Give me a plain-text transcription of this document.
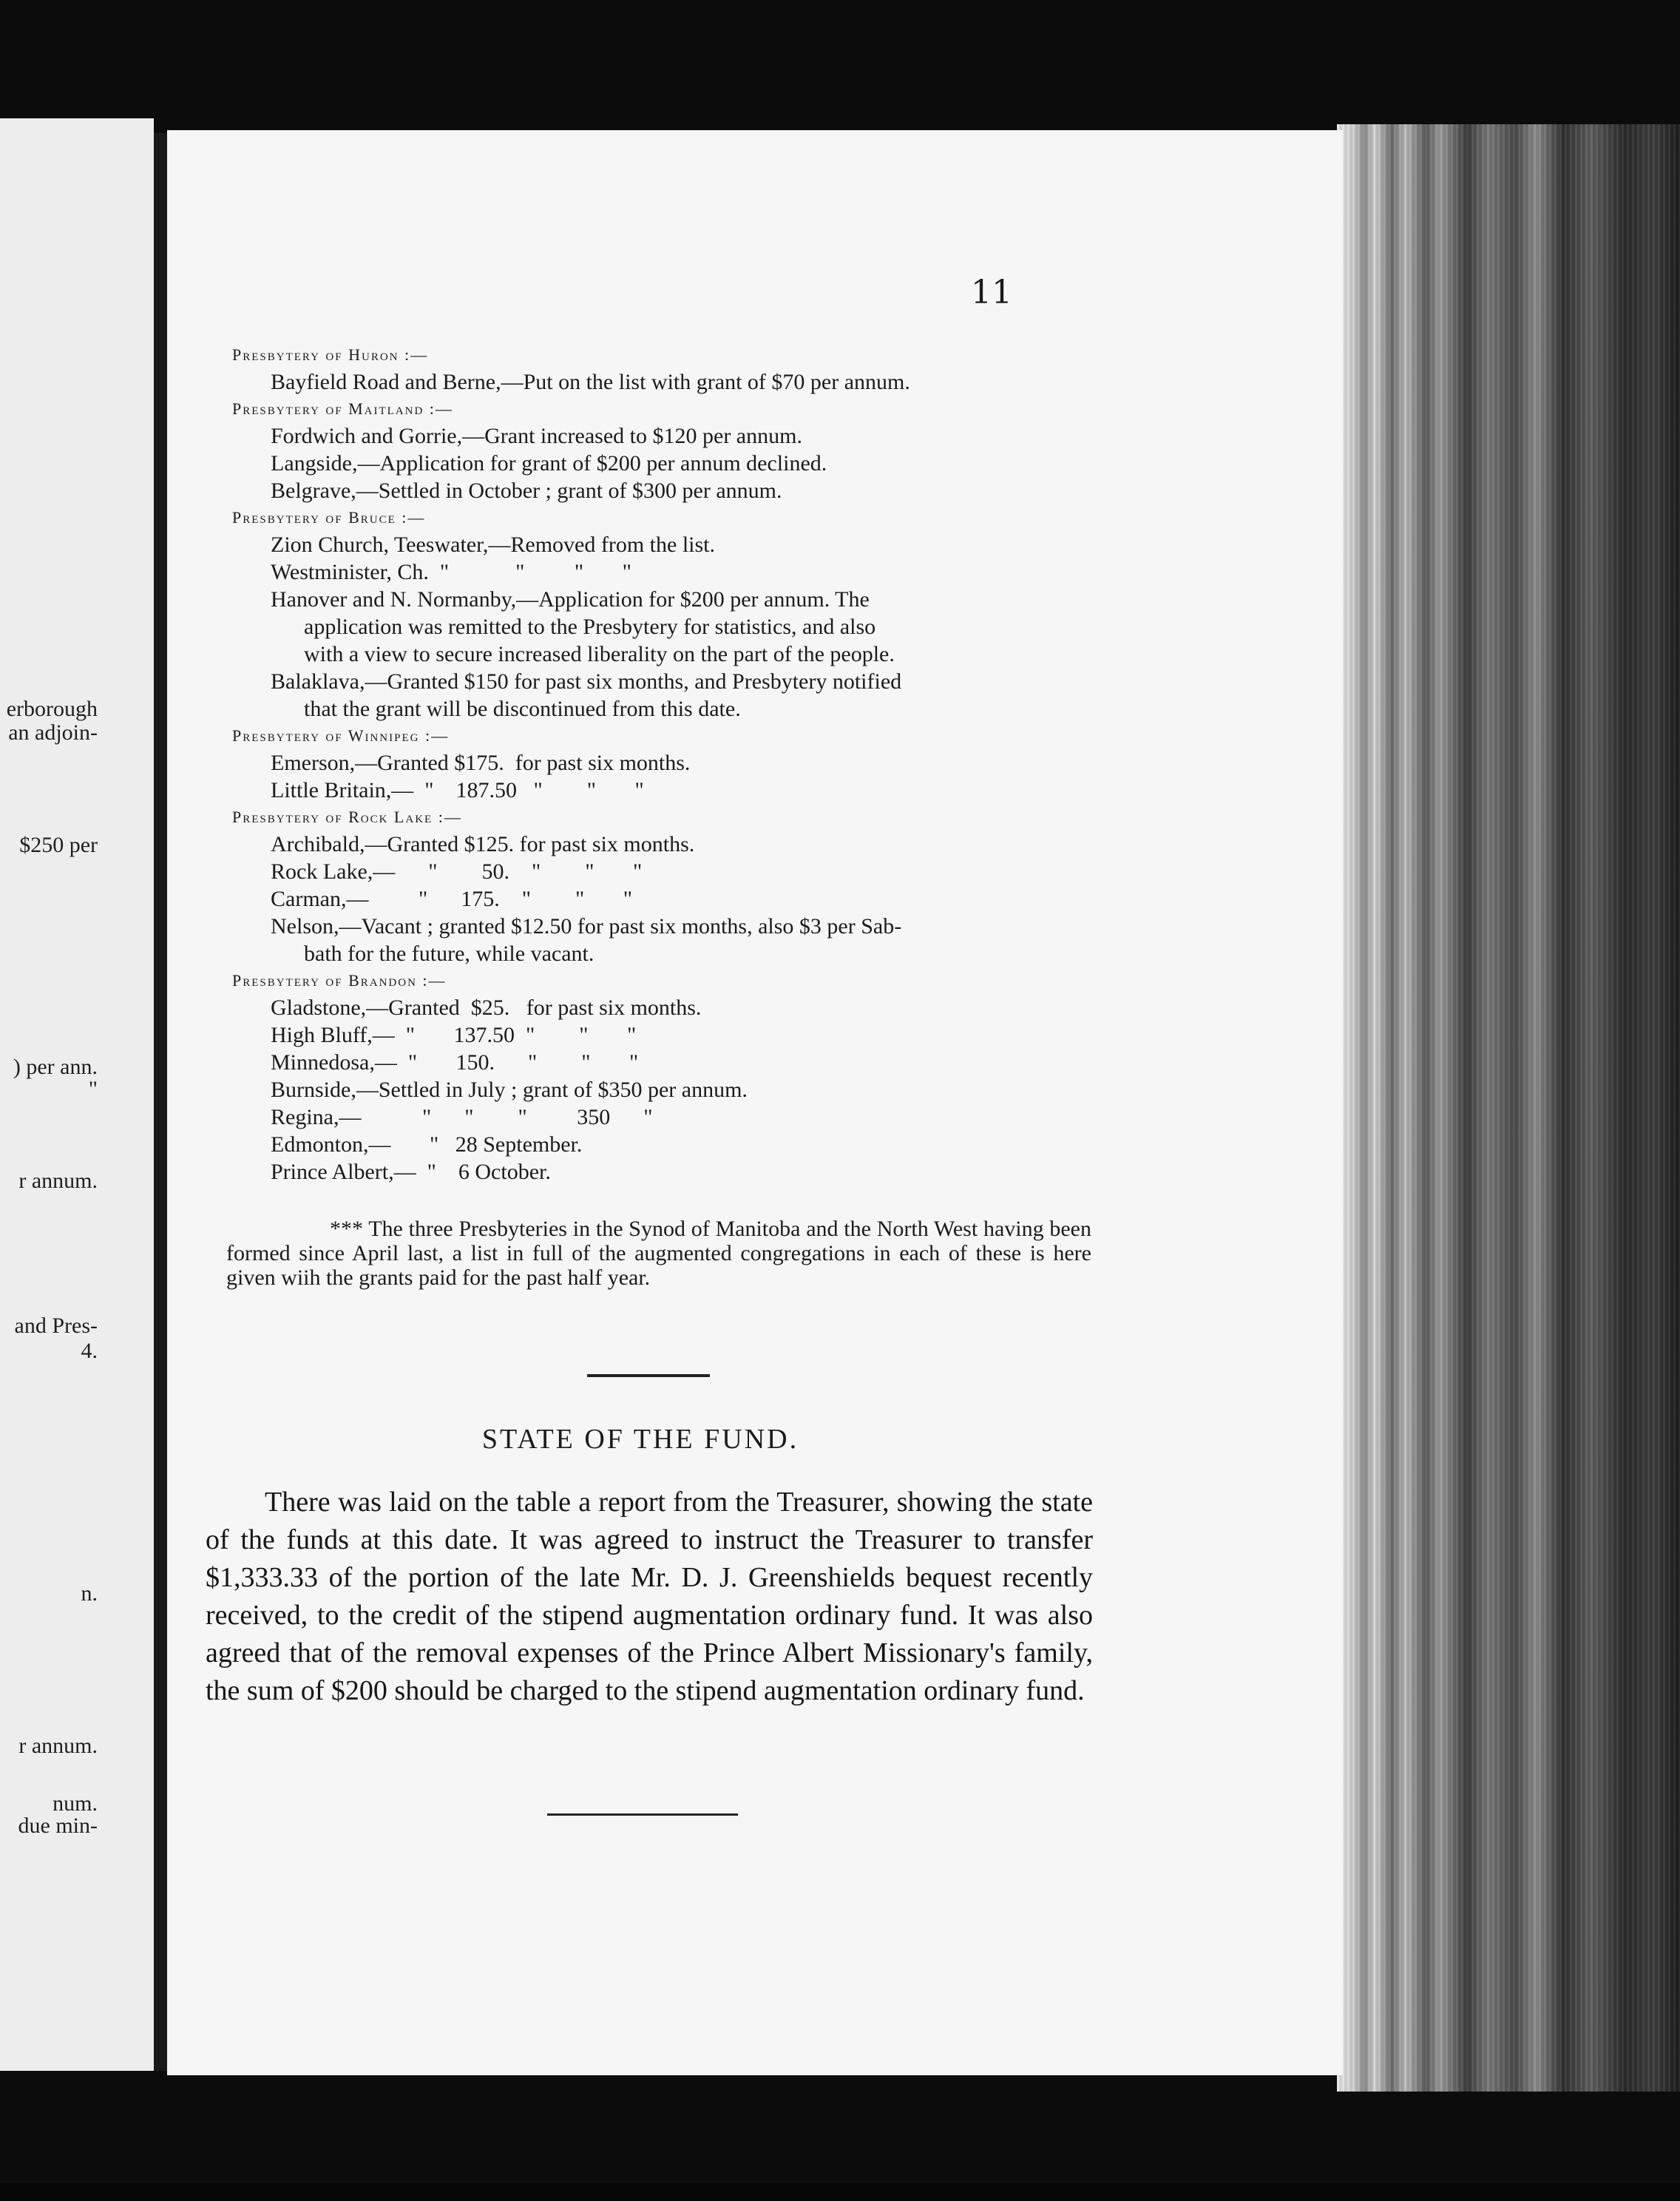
erborough
an adjoin-
$250 per
) per ann.
"
r annum.
and Pres-
4.
n.
r annum.
num.
due min-
11
Presbytery of Huron :—
Bayfield Road and Berne,—Put on the list with grant of $70 per annum.
Presbytery of Maitland :—
Fordwich and Gorrie,—Grant increased to $120 per annum.
Langside,—Application for grant of $200 per annum declined.
Belgrave,—Settled in October ; grant of $300 per annum.
Presbytery of Bruce :—
Zion Church, Teeswater,—Removed from the list.
Westminister, Ch.  "            "         "       "
Hanover and N. Normanby,—Application for $200 per annum. The
application was remitted to the Presbytery for statistics, and also
with a view to secure increased liberality on the part of the people.
Balaklava,—Granted $150 for past six months, and Presbytery notified
that the grant will be discontinued from this date.
Presbytery of Winnipeg :—
Emerson,—Granted $175.  for past six months.
Little Britain,—  "    187.50   "        "       "
Presbytery of Rock Lake :—
Archibald,—Granted $125. for past six months.
Rock Lake,—      "        50.    "        "       "
Carman,—         "      175.    "        "       "
Nelson,—Vacant ; granted $12.50 for past six months, also $3 per Sab-
bath for the future, while vacant.
Presbytery of Brandon :—
Gladstone,—Granted  $25.   for past six months.
High Bluff,—  "       137.50  "        "       "
Minnedosa,—  "       150.      "        "       "
Burnside,—Settled in July ; grant of $350 per annum.
Regina,—           "      "        "         350      "
Edmonton,—       "   28 September.
Prince Albert,—  "    6 October.
*** The three Presbyteries in the Synod of Manitoba and the North West having been formed since April last, a list in full of the augmented congregations in each of these is here given wiih the grants paid for the past half year.
STATE OF THE FUND.
There was laid on the table a report from the Treasurer, showing the state of the funds at this date. It was agreed to instruct the Treasurer to transfer $1,333.33 of the portion of the late Mr. D. J. Greenshields bequest recently received, to the credit of the stipend augmentation ordinary fund. It was also agreed that of the removal expenses of the Prince Albert Missionary's family, the sum of $200 should be charged to the stipend augmentation ordinary fund.
